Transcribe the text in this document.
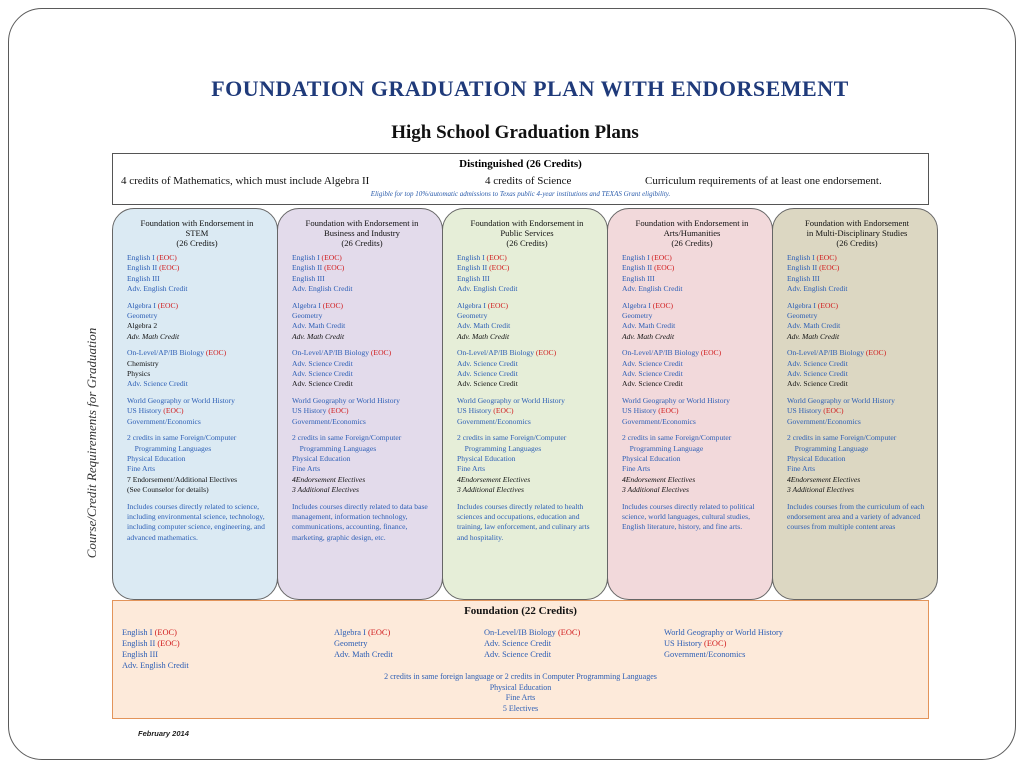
FOUNDATION GRADUATION PLAN WITH ENDORSEMENT
High School Graduation Plans
Distinguished (26 Credits)
4 credits of Mathematics, which must include Algebra II	4 credits of Science	Curriculum requirements of at least one endorsement.
Eligible for top 10%/automatic admissions to Texas public 4-year institutions and TEXAS Grant eligibility.
Course/Credit Requirements for Graduation
Foundation with Endorsement in
STEM
(26 Credits)
English I (EOC)
English II (EOC)
English III
Adv. English Credit
Algebra I (EOC)
Geometry
Algebra 2
Adv. Math Credit
On-Level/AP/IB Biology (EOC)
Chemistry
Physics
Adv. Science Credit
World Geography or World History
US History (EOC)
Government/Economics
2 credits in same Foreign/Computer
Programming Languages
Physical Education
Fine Arts
7 Endorsement/Additional Electives
(See Counselor for details)
Includes courses directly related to science, including environmental science, technology, including computer science, engineering, and advanced mathematics.
Foundation with Endorsement in
Business and Industry
(26 Credits)
English I (EOC)
English II (EOC)
English III
Adv. English Credit
Algebra I (EOC)
Geometry
Adv. Math Credit
Adv. Math Credit
On-Level/AP/IB Biology (EOC)
Adv. Science Credit
Adv. Science Credit
Adv. Science Credit
World Geography or World History
US History (EOC)
Government/Economics
2 credits in same Foreign/Computer
Programming Languages
Physical Education
Fine Arts
4Endorsement Electives
3 Additional Electives
Includes courses directly related to data base management, information technology, communications, accounting, finance, marketing, graphic design, etc.
Foundation with Endorsement in
Public Services
(26 Credits)
English I (EOC)
English II (EOC)
English III
Adv. English Credit
Algebra I (EOC)
Geometry
Adv. Math Credit
Adv. Math Credit
On-Level/AP/IB Biology (EOC)
Adv. Science Credit
Adv. Science Credit
Adv. Science Credit
World Geography or World History
US History (EOC)
Government/Economics
2 credits in same Foreign/Computer
Programming Languages
Physical Education
Fine Arts
4Endorsement Electives
3 Additional Electives
Includes courses directly related to health sciences and occupations, education and training, law enforcement, and culinary arts and hospitality.
Foundation with Endorsement in
Arts/Humanities
(26 Credits)
English I (EOC)
English II (EOC)
English III
Adv. English Credit
Algebra I (EOC)
Geometry
Adv. Math Credit
Adv. Math Credit
On-Level/AP/IB Biology (EOC)
Adv. Science Credit
Adv. Science Credit
Adv. Science Credit
World Geography or World History
US History (EOC)
Government/Economics
2 credits in same Foreign/Computer
Programming Language
Physical Education
Fine Arts
4Endorsement Electives
3 Additional Electives
Includes courses directly related to political science, world languages, cultural studies, English literature, history, and fine arts.
Foundation with Endorsement
in Multi-Disciplinary Studies
(26 Credits)
English I (EOC)
English II (EOC)
English III
Adv. English Credit
Algebra I (EOC)
Geometry
Adv. Math Credit
Adv. Math Credit
On-Level/AP/IB Biology (EOC)
Adv. Science Credit
Adv. Science Credit
Adv. Science Credit
World Geography or World History
US History (EOC)
Government/Economics
2 credits in same Foreign/Computer
Programming Language
Physical Education
Fine Arts
4Endorsement Electives
3 Additional Electives
Includes courses from the curriculum of each endorsement area and a variety of advanced courses from multiple content areas
Foundation (22 Credits)
English I (EOC)
English II (EOC)
English III
Adv. English Credit
Algebra I (EOC)
Geometry
Adv. Math Credit
On-Level/IB Biology (EOC)
Adv. Science Credit
Adv. Science Credit
World Geography or World History
US History (EOC)
Government/Economics
2 credits in same foreign language or 2 credits in Computer Programming Languages
Physical Education
Fine Arts
5 Electives
February 2014
